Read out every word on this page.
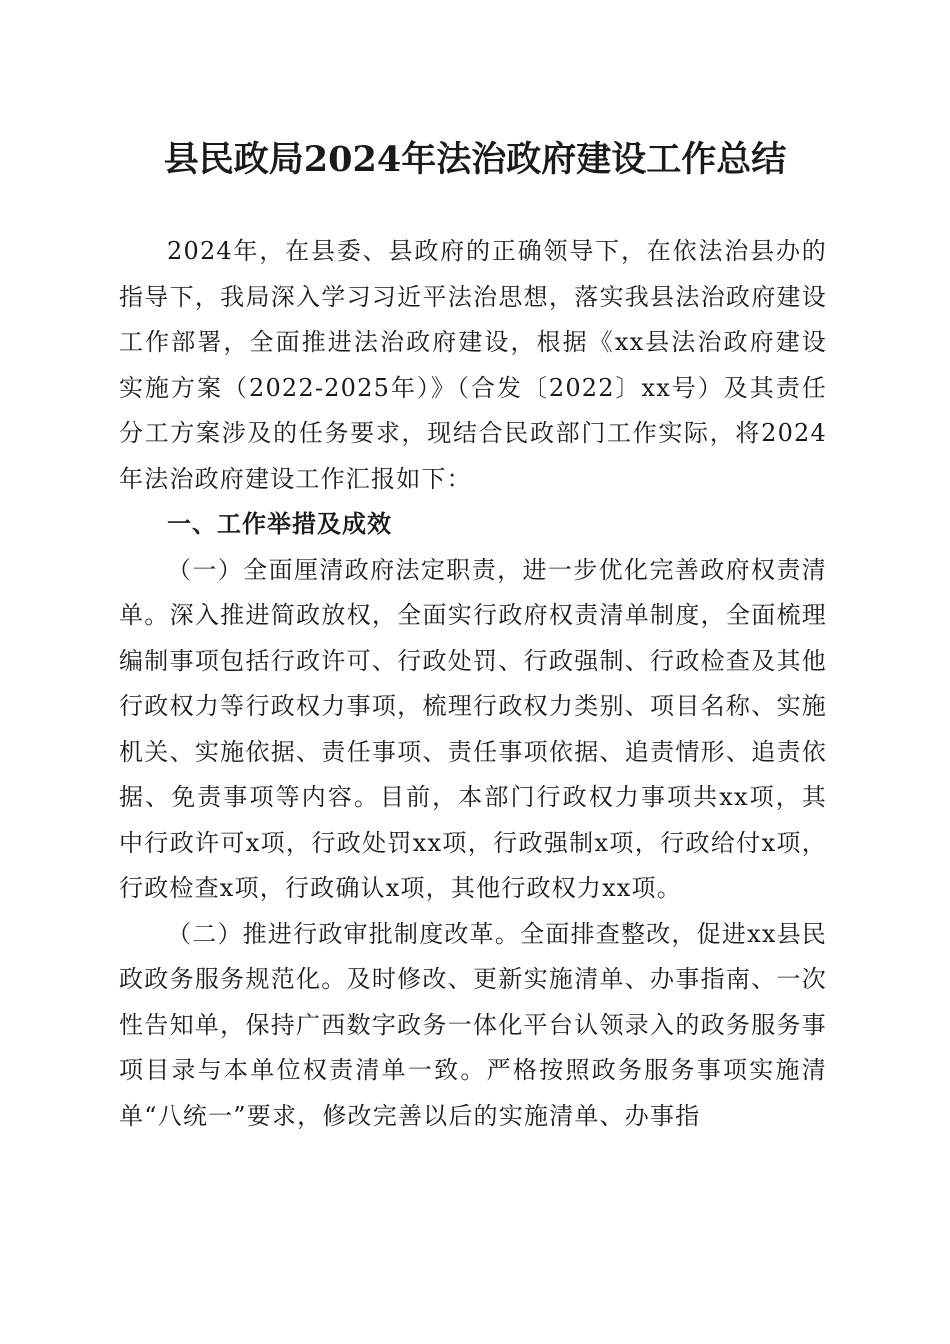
县民政局2024年法治政府建设工作总结

2024年，在县委、县政府的正确领导下，在依法治县办的指导下，我局深入学习习近平法治思想，落实我县法治政府建设工作部署，全面推进法治政府建设，根据《xx县法治政府建设实施方案（2022-2025年）》（合发〔2022〕xx号）及其责任分工方案涉及的任务要求，现结合民政部门工作实际，将2024年法治政府建设工作汇报如下：

一、工作举措及成效

（一）全面厘清政府法定职责，进一步优化完善政府权责清单。深入推进简政放权，全面实行政府权责清单制度，全面梳理编制事项包括行政许可、行政处罚、行政强制、行政检查及其他行政权力等行政权力事项，梳理行政权力类别、项目名称、实施机关、实施依据、责任事项、责任事项依据、追责情形、追责依据、免责事项等内容。目前，本部门行政权力事项共xx项，其中行政许可x项，行政处罚xx项，行政强制x项，行政给付x项，行政检查x项，行政确认x项，其他行政权力xx项。

（二）推进行政审批制度改革。全面排查整改，促进xx县民政政务服务规范化。及时修改、更新实施清单、办事指南、一次性告知单，保持广西数字政务一体化平台认领录入的政务服务事项目录与本单位权责清单一致。严格按照政务服务事项实施清单“八统一”要求，修改完善以后的实施清单、办事指
